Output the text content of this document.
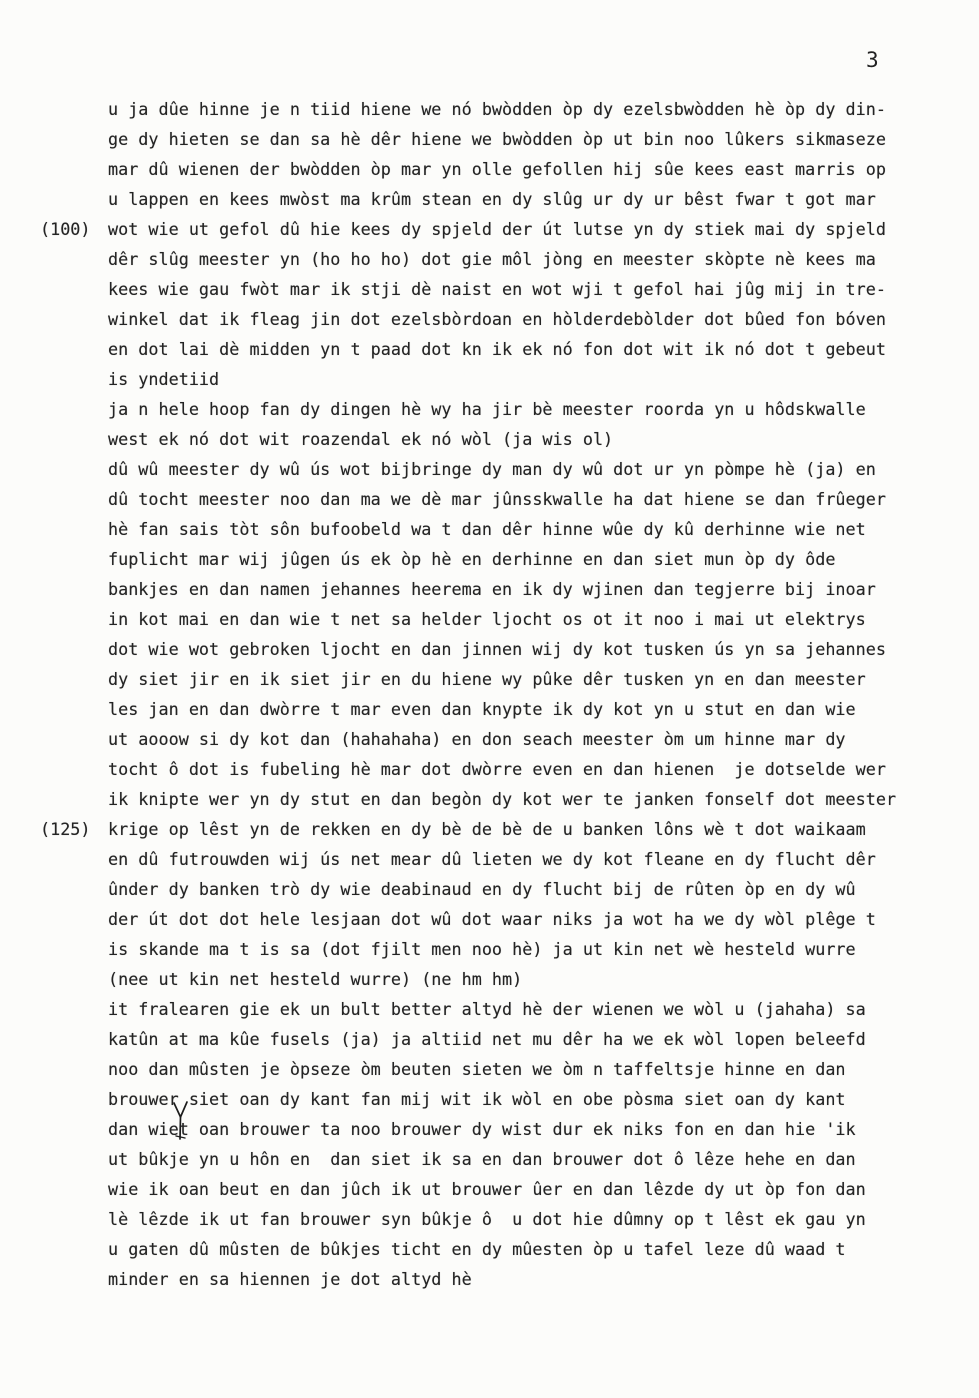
3
u ja dûe hinne je n tiid hiene we nó bwòdden òp dy ezelsbwòdden hè òp dy din-
ge dy hieten se dan sa hè dêr hiene we bwòdden òp ut bin noo lûkers sikmaseze
mar dû wienen der bwòdden òp mar yn olle gefollen hij sûe kees east marris op
u lappen en kees mwòst ma krûm stean en dy slûg ur dy ur bêst fwar t got mar
(100) wot wie ut gefol dû hie kees dy spjeld der út lutse yn dy stiek mai dy spjeld
dêr slûg meester yn (ho ho ho) dot gie môl jòng en meester skòpte nè kees ma
kees wie gau fwòt mar ik stji dè naist en wot wji t gefol hai jûg mij in tre-
winkel dat ik fleag jin dot ezelsbòrdoan en hòlderdebòlder dot bûed fon bóven
en dot lai dè midden yn t paad dot kn ik ek nó fon dot wit ik nó dot t gebeut
is yndetiid
ja n hele hoop fan dy dingen hè wy ha jir bè meester roorda yn u hôdskwalle
west ek nó dot wit roazendal ek nó wòl (ja wis ol)
dû wû meester dy wû ús wot bijbringe dy man dy wû dot ur yn pòmpe hè (ja) en
dû tocht meester noo dan ma we dè mar jûnsskwalle ha dat hiene se dan frûeger
hè fan sais tòt sôn bufoobeld wa t dan dêr hinne wûe dy kû derhinne wie net
fuplicht mar wij jûgen ús ek òp hè en derhinne en dan siet mun òp dy ôde
bankjes en dan namen jehannes heerema en ik dy wjinen dan tegjerre bij inoar
in kot mai en dan wie t net sa helder ljocht os ot it noo i mai ut elektrys
dot wie wot gebroken ljocht en dan jinnen wij dy kot tusken ús yn sa jehannes
dy siet jir en ik siet jir en du hiene wy pûke dêr tusken yn en dan meester
les jan en dan dwòrre t mar even dan knypte ik dy kot yn u stut en dan wie
ut aooow si dy kot dan (hahahaha) en don seach meester òm um hinne mar dy
tocht ô dot is fubeling hè mar dot dwòrre even en dan hienen  je dotselde wer
ik knipte wer yn dy stut en dan begòn dy kot wer te janken fonself dot meester
(125) krige op lêst yn de rekken en dy bè de bè de u banken lôns wè t dot waikaam
en dû futrouwden wij ús net mear dû lieten we dy kot fleane en dy flucht dêr
ûnder dy banken trò dy wie deabinaud en dy flucht bij de rûten òp en dy wû
der út dot dot hele lesjaan dot wû dot waar niks ja wot ha we dy wòl plêge t
is skande ma t is sa (dot fjilt men noo hè) ja ut kin net wè hesteld wurre
(nee ut kin net hesteld wurre) (ne hm hm)
it fralearen gie ek un bult better altyd hè der wienen we wòl u (jahaha) sa
katûn at ma kûe fusels (ja) ja altiid net mu dêr ha we ek wòl lopen beleefd
noo dan mûsten je òpseze òm beuten sieten we òm n taffeltsje hinne en dan
brouwer siet oan dy kant fan mij wit ik wòl en obe pòsma siet oan dy kant
dan wiet oan brouwer ta noo brouwer dy wist dur ek niks fon en dan hie 'ik
ut bûkje yn u hôn en  dan siet ik sa en dan brouwer dot ô lêze hehe en dan
wie ik oan beut en dan jûch ik ut brouwer ûer en dan lêzde dy ut òp fon dan
lè lêzde ik ut fan brouwer syn bûkje ô  u dot hie dûmny op t lêst ek gau yn
u gaten dû mûsten de bûkjes ticht en dy mûesten òp u tafel leze dû waad t
minder en sa hiennen je dot altyd hè
